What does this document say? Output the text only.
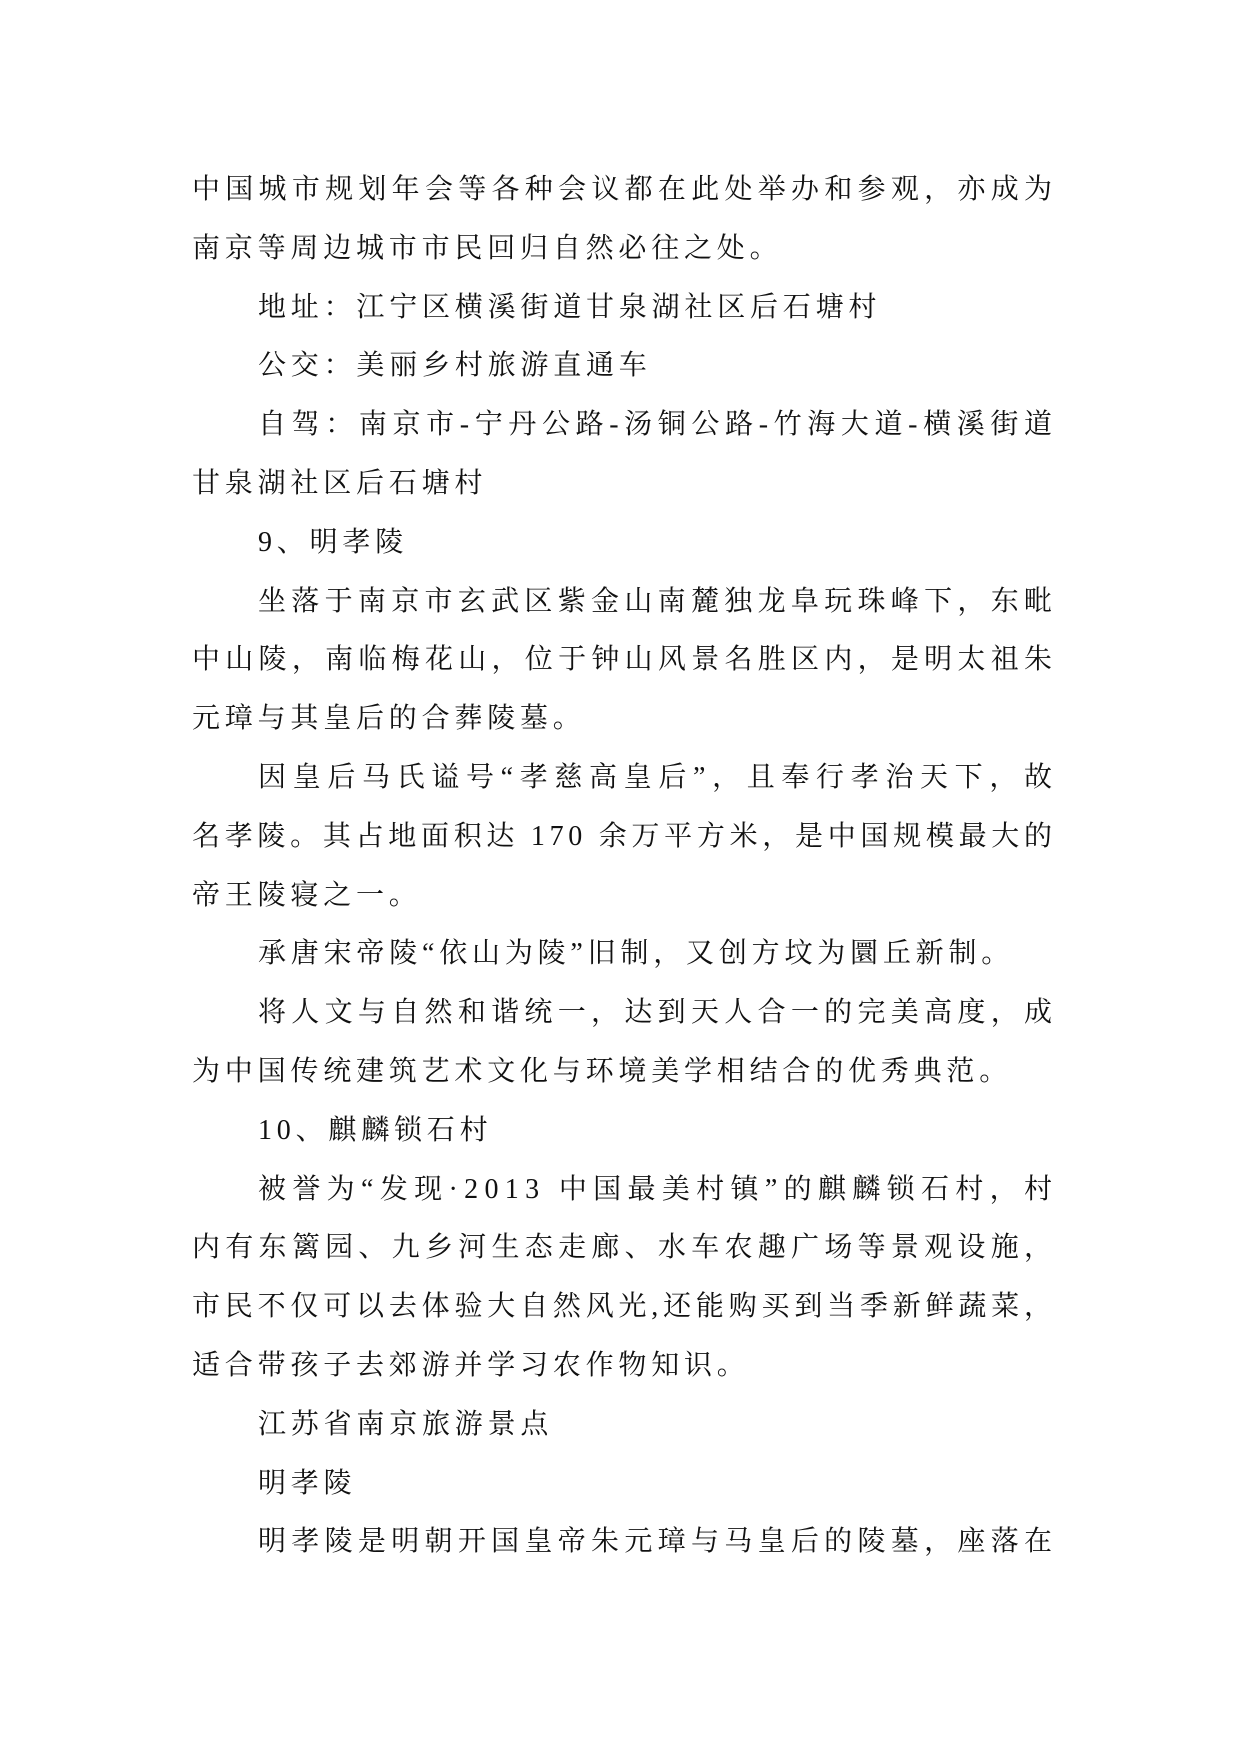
中国城市规划年会等各种会议都在此处举办和参观，亦成为
南京等周边城市市民回归自然必往之处。
地址：江宁区横溪街道甘泉湖社区后石塘村
公交：美丽乡村旅游直通车
自驾：南京市-宁丹公路-汤铜公路-竹海大道-横溪街道
甘泉湖社区后石塘村
9、明孝陵
坐落于南京市玄武区紫金山南麓独龙阜玩珠峰下，东毗
中山陵，南临梅花山，位于钟山风景名胜区内，是明太祖朱
元璋与其皇后的合葬陵墓。
因皇后马氏谥号“孝慈高皇后”，且奉行孝治天下，故
名孝陵。其占地面积达 170 余万平方米，是中国规模最大的
帝王陵寝之一。
承唐宋帝陵“依山为陵”旧制，又创方坟为圜丘新制。
将人文与自然和谐统一，达到天人合一的完美高度，成
为中国传统建筑艺术文化与环境美学相结合的优秀典范。
10、麒麟锁石村
被誉为“发现·2013 中国最美村镇”的麒麟锁石村，村
内有东篱园、九乡河生态走廊、水车农趣广场等景观设施，
市民不仅可以去体验大自然风光,还能购买到当季新鲜蔬菜，
适合带孩子去郊游并学习农作物知识。
江苏省南京旅游景点
明孝陵
明孝陵是明朝开国皇帝朱元璋与马皇后的陵墓，座落在
